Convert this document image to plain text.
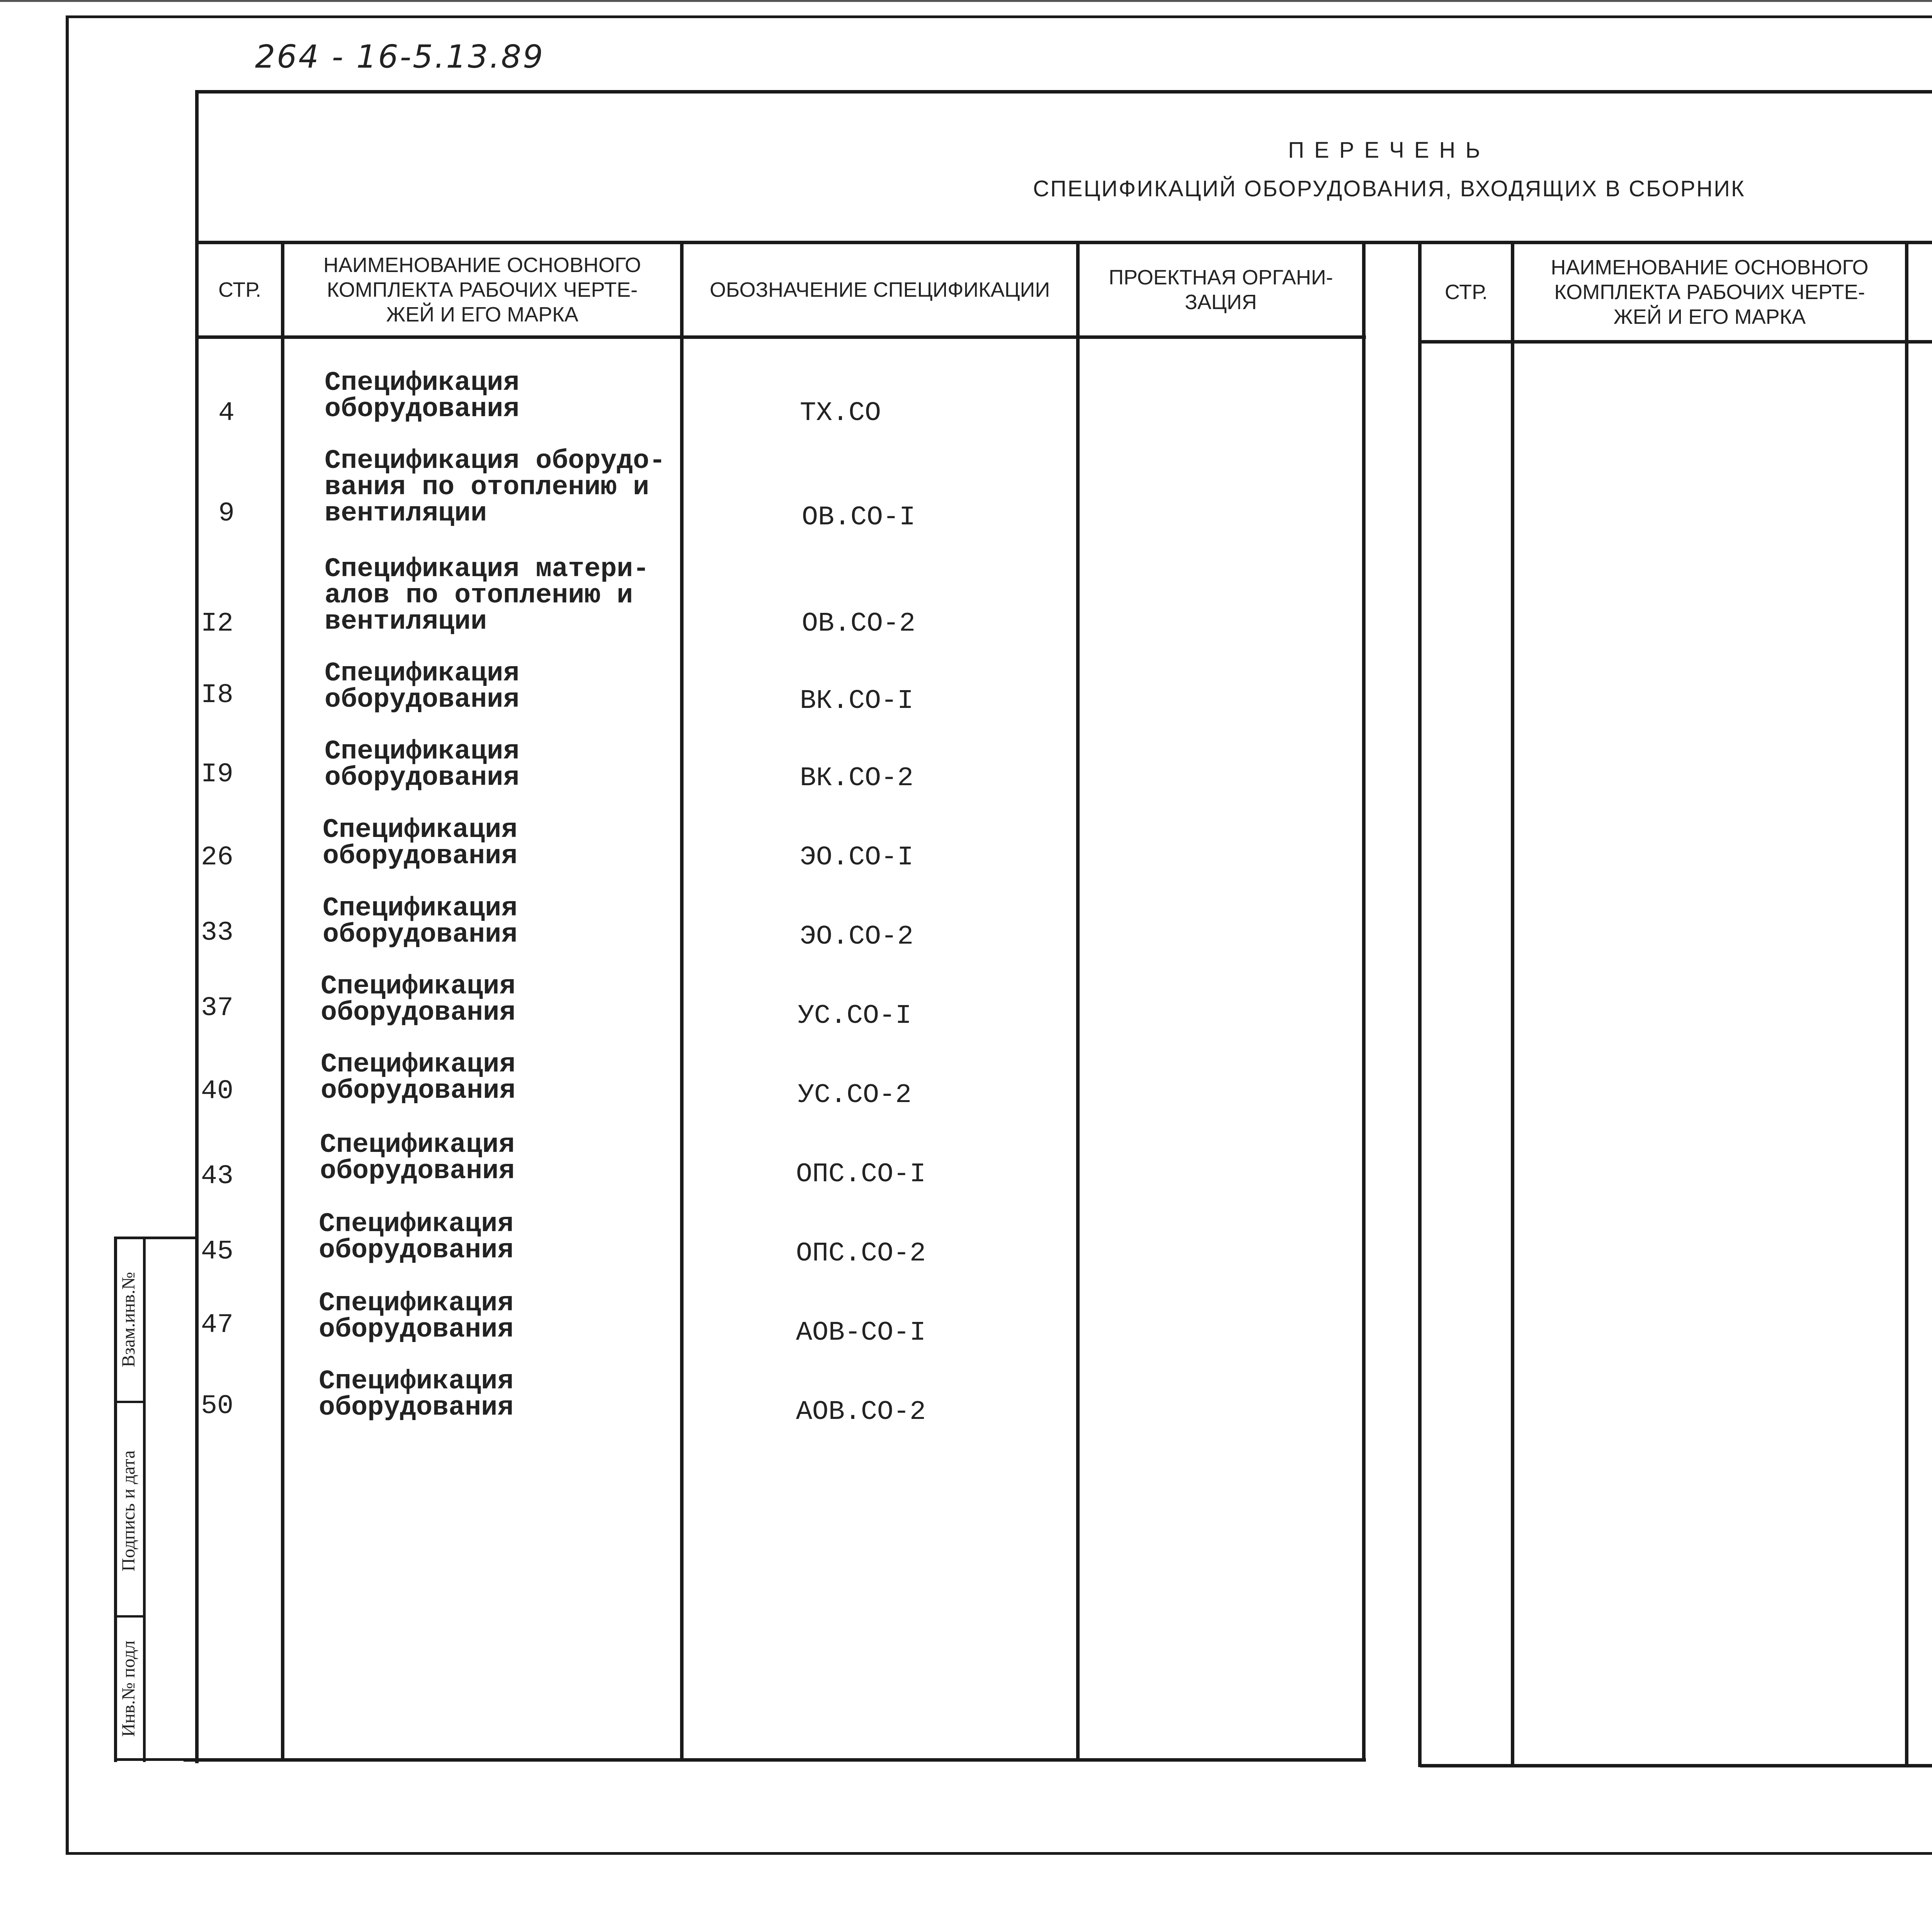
264 - 16-5.13.89
ПЕРЕЧЕНЬ
СПЕЦИФИКАЦИЙ ОБОРУДОВАНИЯ, ВХОДЯЩИХ В СБОРНИК
СТР.
НАИМЕНОВАНИЕ ОСНОВНОГО
КОМПЛЕКТА РАБОЧИХ ЧЕРТЕ-
ЖЕЙ И ЕГО МАРКА
ОБОЗНАЧЕНИЕ СПЕЦИФИКАЦИИ
ПРОЕКТНАЯ ОРГАНИ-
ЗАЦИЯ	СТР.
НАИМЕНОВАНИЕ ОСНОВНОГО
КОМПЛЕКТА РАБОЧИХ ЧЕРТЕ-
ЖЕЙ И ЕГО МАРКА
4
Спецификация
оборудования	ТХ.СО
9
Спецификация оборудо-
вания по отоплению и
вентиляции	ОВ.СО-I
I2
Спецификация матери-
алов по отоплению и
вентиляции	ОВ.СО-2
I8
Спецификация
оборудования	ВК.СО-I
I9
Спецификация
оборудования	ВК.СО-2
26
Спецификация
оборудования	ЭО.СО-I
33
Спецификация
оборудования	ЭО.СО-2
37
Спецификация
оборудования	УС.СО-I
40
Спецификация
оборудования	УС.СО-2
43
Спецификация
оборудования	ОПС.СО-I
45
Спецификация
оборудования	ОПС.СО-2
47
Спецификация
оборудования	АОВ-СО-I
50
Спецификация
оборудования	АОВ.СО-2
Взам.инв.№
Подпись и дата
Инв.№ подл
